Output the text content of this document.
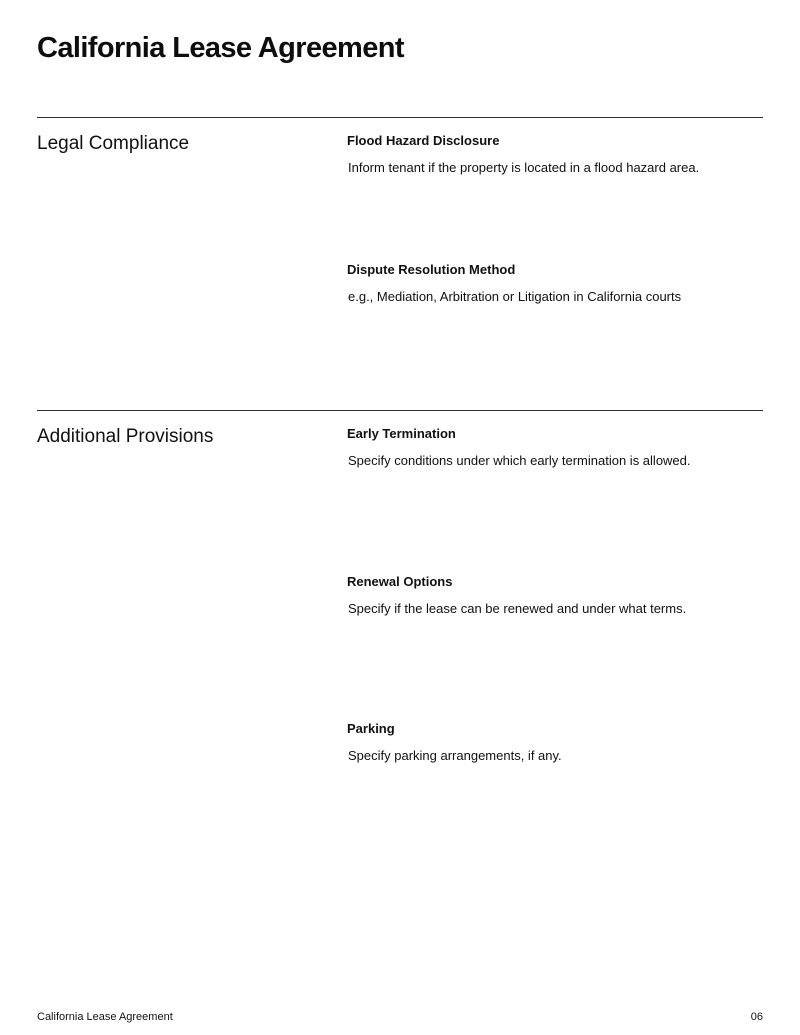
California Lease Agreement
Legal Compliance	Flood Hazard Disclosure

Inform tenant if the property is located in a flood hazard area.

Dispute Resolution Method

e.g., Mediation, Arbitration or Litigation in California courts

Additional Provisions	Early Termination

Specify conditions under which early termination is allowed.

Renewal Options

Specify if the lease can be renewed and under what terms.

Parking

Specify parking arrangements, if any.

California Lease Agreement	06
